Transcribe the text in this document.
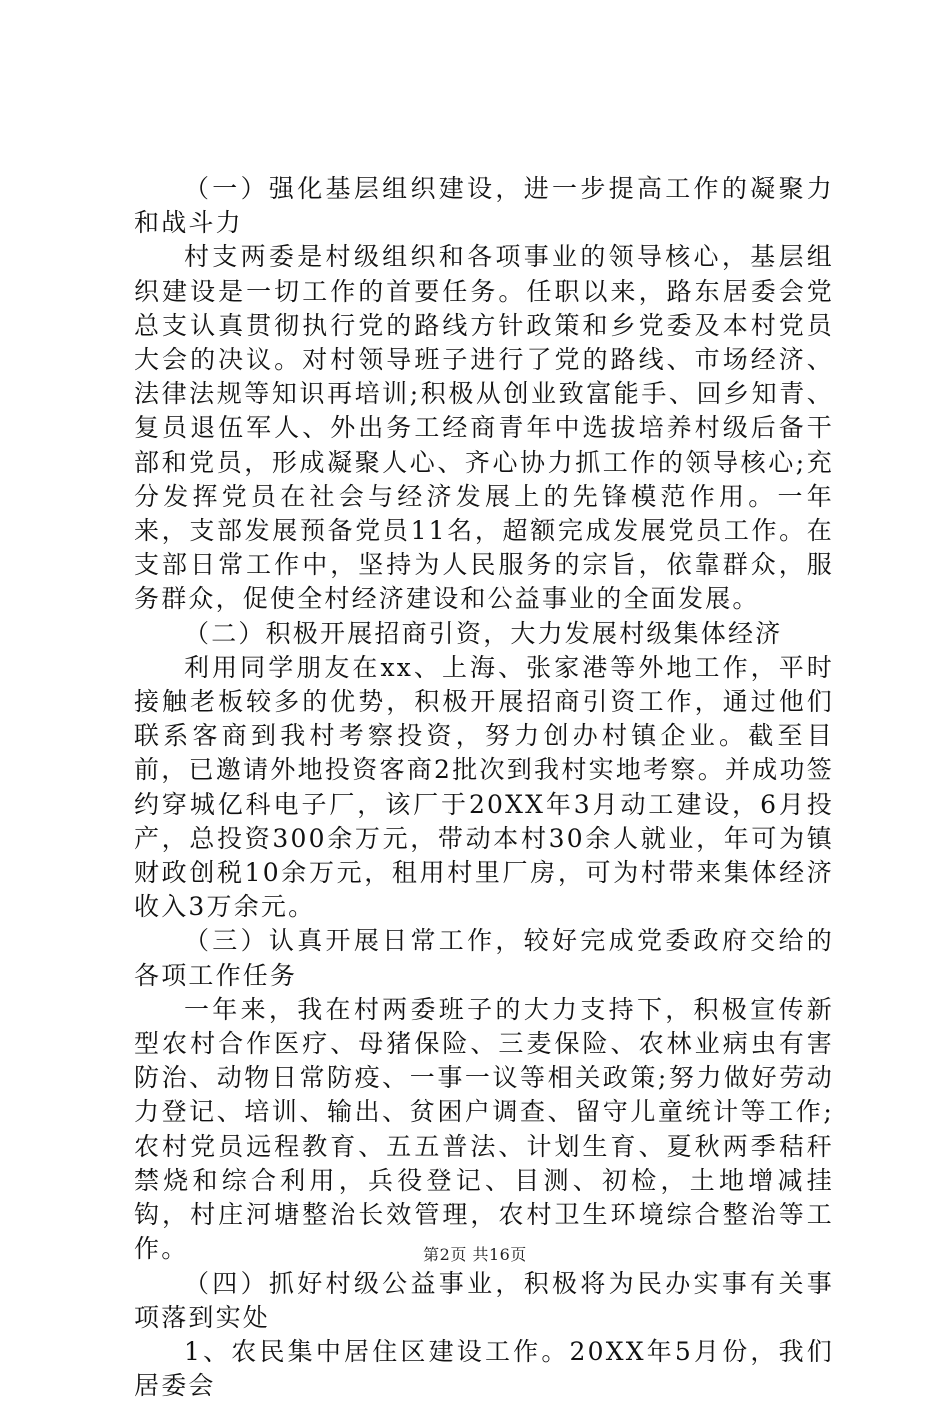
（一）强化基层组织建设，进一步提高工作的凝聚力和战斗力

村支两委是村级组织和各项事业的领导核心，基层组织建设是一切工作的首要任务。任职以来，路东居委会党总支认真贯彻执行党的路线方针政策和乡党委及本村党员大会的决议。对村领导班子进行了党的路线、市场经济、法律法规等知识再培训;积极从创业致富能手、回乡知青、复员退伍军人、外出务工经商青年中选拔培养村级后备干部和党员，形成凝聚人心、齐心协力抓工作的领导核心;充分发挥党员在社会与经济发展上的先锋模范作用。一年来，支部发展预备党员11名，超额完成发展党员工作。在支部日常工作中，坚持为人民服务的宗旨，依靠群众，服务群众，促使全村经济建设和公益事业的全面发展。

（二）积极开展招商引资，大力发展村级集体经济

利用同学朋友在xx、上海、张家港等外地工作，平时接触老板较多的优势，积极开展招商引资工作，通过他们联系客商到我村考察投资，努力创办村镇企业。截至目前，已邀请外地投资客商2批次到我村实地考察。并成功签约穿城亿科电子厂，该厂于20XX年3月动工建设，6月投产，总投资300余万元，带动本村30余人就业，年可为镇财政创税10余万元，租用村里厂房，可为村带来集体经济收入3万余元。

（三）认真开展日常工作，较好完成党委政府交给的各项工作任务

一年来，我在村两委班子的大力支持下，积极宣传新型农村合作医疗、母猪保险、三麦保险、农林业病虫有害防治、动物日常防疫、一事一议等相关政策;努力做好劳动力登记、培训、输出、贫困户调查、留守儿童统计等工作;农村党员远程教育、五五普法、计划生育、夏秋两季秸秆禁烧和综合利用，兵役登记、目测、初检，土地增减挂钩，村庄河塘整治长效管理，农村卫生环境综合整治等工作。

（四）抓好村级公益事业，积极将为民办实事有关事项落到实处

1、农民集中居住区建设工作。20XX年5月份，我们居委会

第2页 共16页
